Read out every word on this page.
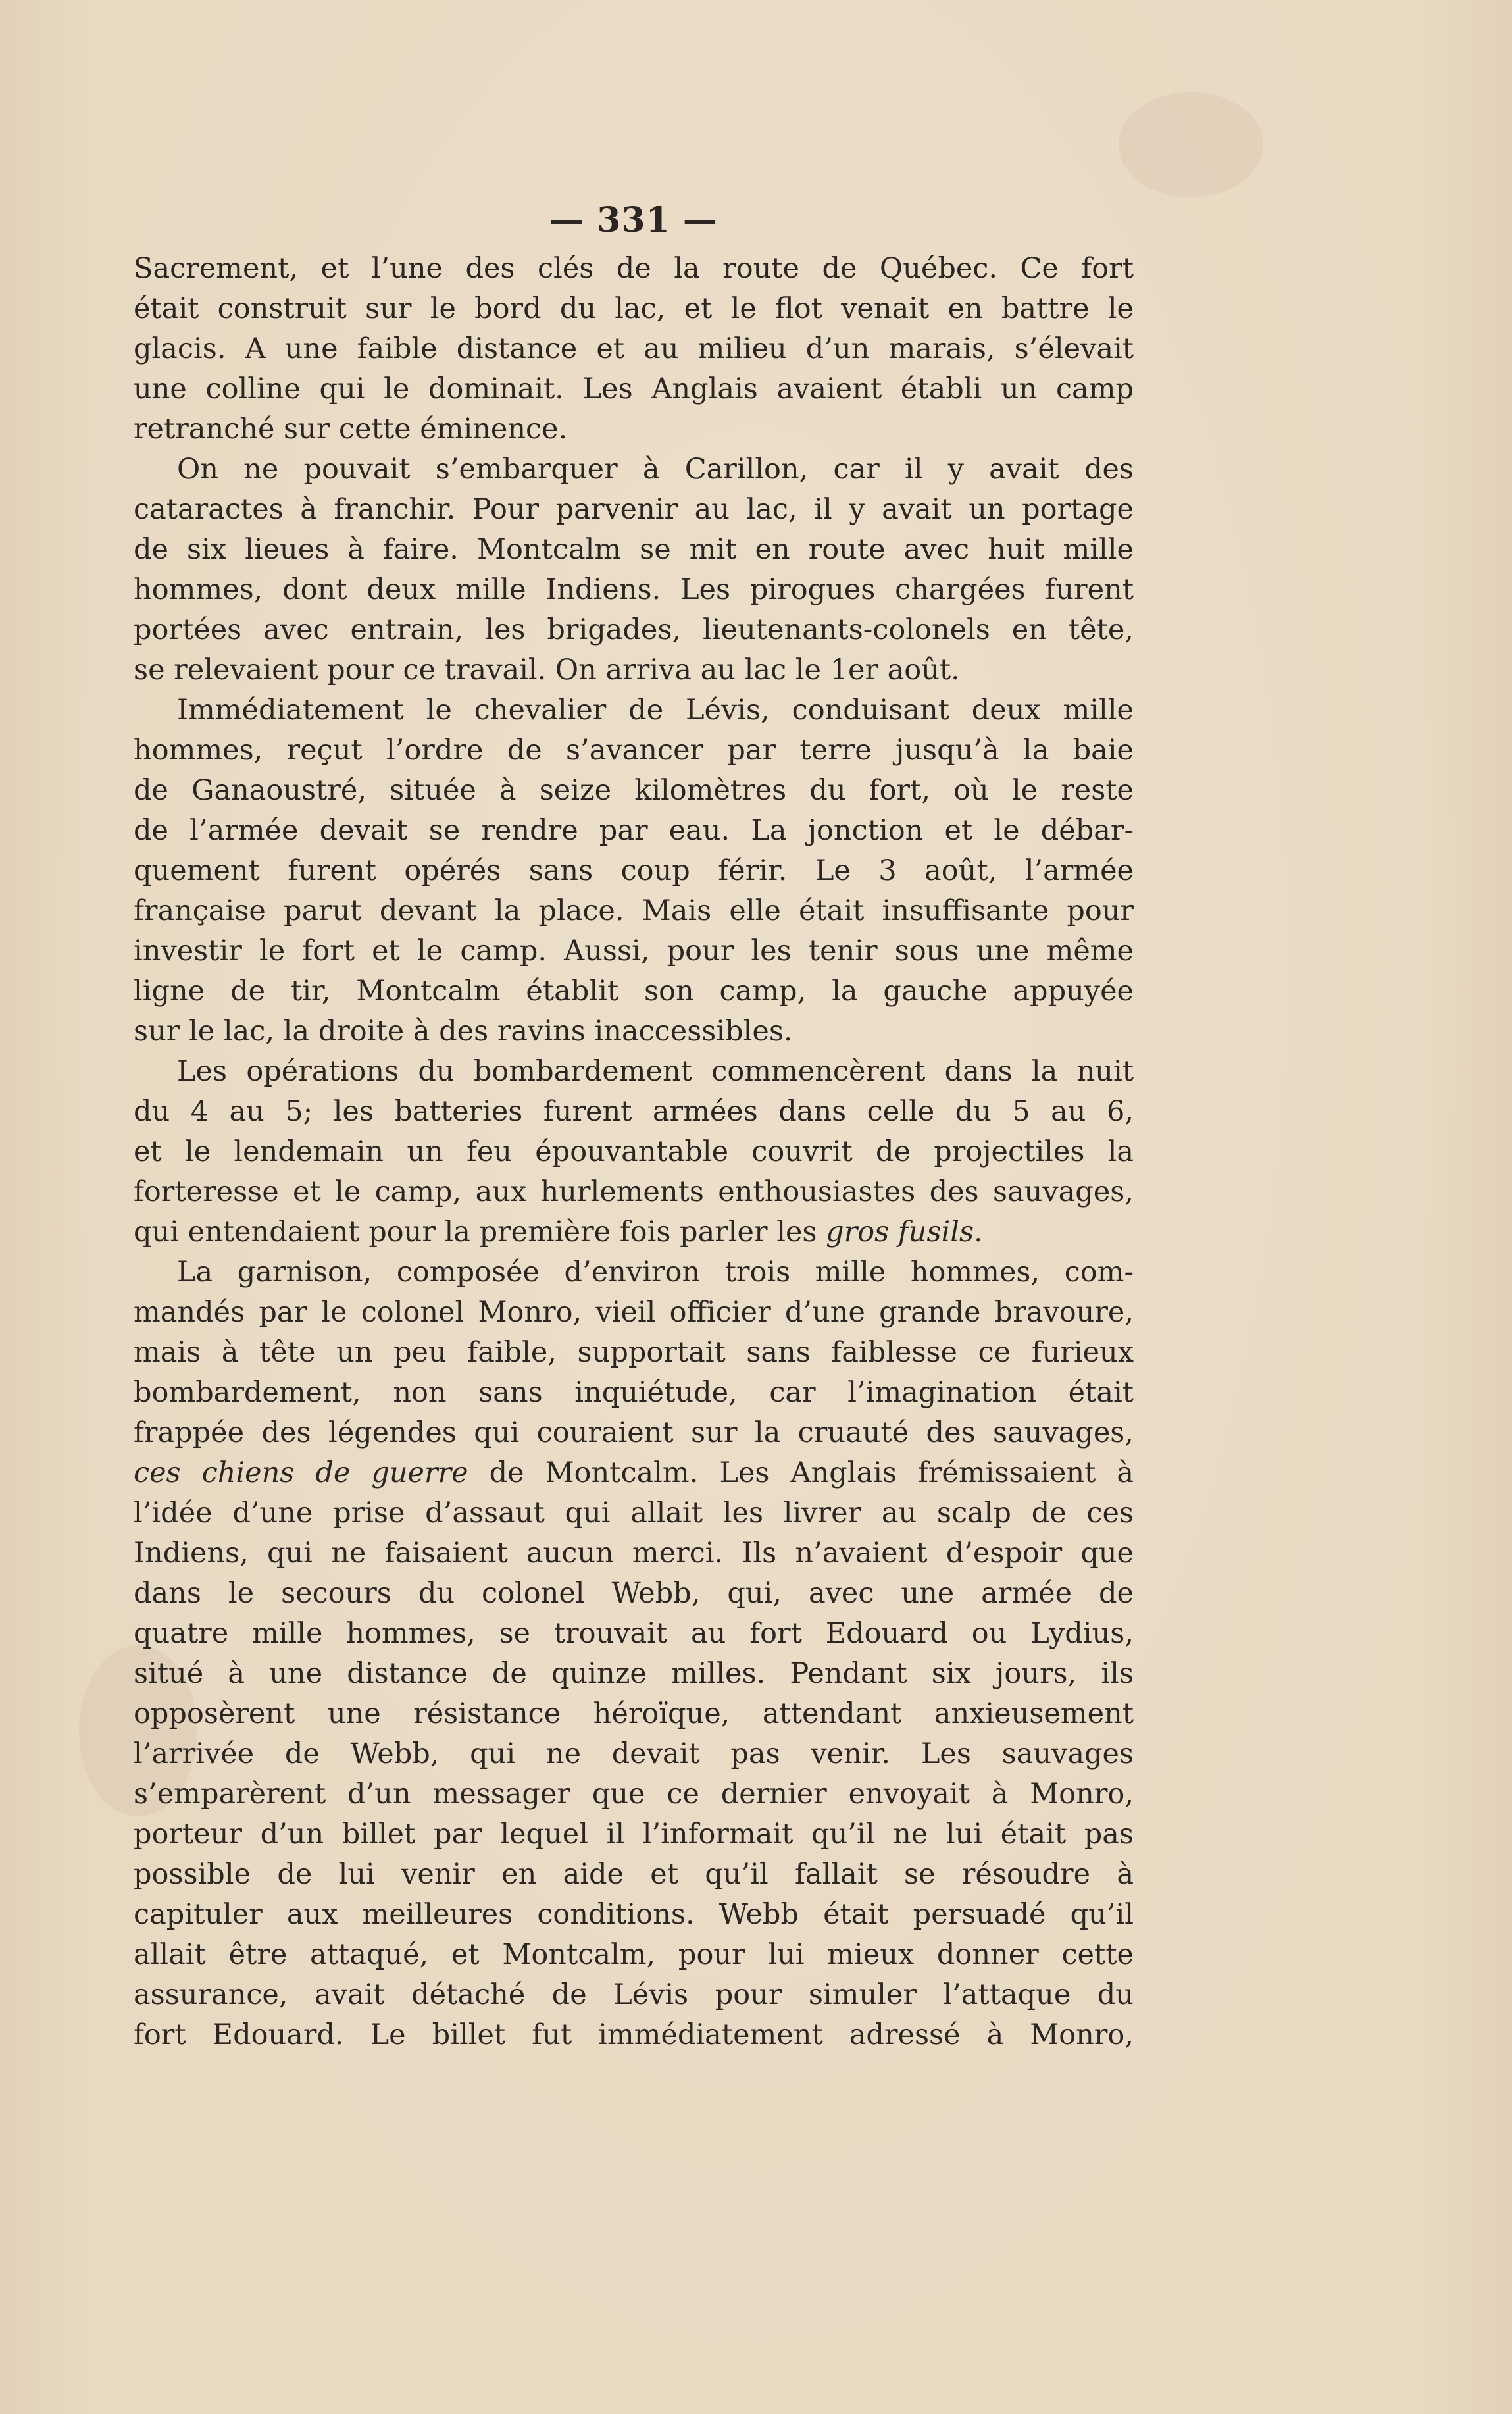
— 331 —
Sacrement, et l’une des clés de la route de Québec. Ce fort
était construit sur le bord du lac, et le flot venait en battre le
glacis. A une faible distance et au milieu d’un marais, s’élevait
une colline qui le dominait. Les Anglais avaient établi un camp
retranché sur cette éminence.
On ne pouvait s’embarquer à Carillon, car il y avait des
cataractes à franchir. Pour parvenir au lac, il y avait un portage
de six lieues à faire. Montcalm se mit en route avec huit mille
hommes, dont deux mille Indiens. Les pirogues chargées furent
portées avec entrain, les brigades, lieutenants-colonels en tête,
se relevaient pour ce travail. On arriva au lac le 1er août.
Immédiatement le chevalier de Lévis, conduisant deux mille
hommes, reçut l’ordre de s’avancer par terre jusqu’à la baie
de Ganaoustré, située à seize kilomètres du fort, où le reste
de l’armée devait se rendre par eau. La jonction et le débar-
quement furent opérés sans coup férir. Le 3 août, l’armée
française parut devant la place. Mais elle était insuffisante pour
investir le fort et le camp. Aussi, pour les tenir sous une même
ligne de tir, Montcalm établit son camp, la gauche appuyée
sur le lac, la droite à des ravins inaccessibles.
Les opérations du bombardement commencèrent dans la nuit
du 4 au 5; les batteries furent armées dans celle du 5 au 6,
et le lendemain un feu épouvantable couvrit de projectiles la
forteresse et le camp, aux hurlements enthousiastes des sauvages,
qui entendaient pour la première fois parler les gros fusils.
La garnison, composée d’environ trois mille hommes, com-
mandés par le colonel Monro, vieil officier d’une grande bravoure,
mais à tête un peu faible, supportait sans faiblesse ce furieux
bombardement, non sans inquiétude, car l’imagination était
frappée des légendes qui couraient sur la cruauté des sauvages,
ces chiens de guerre de Montcalm. Les Anglais frémissaient à
l’idée d’une prise d’assaut qui allait les livrer au scalp de ces
Indiens, qui ne faisaient aucun merci. Ils n’avaient d’espoir que
dans le secours du colonel Webb, qui, avec une armée de
quatre mille hommes, se trouvait au fort Edouard ou Lydius,
situé à une distance de quinze milles. Pendant six jours, ils
opposèrent une résistance héroïque, attendant anxieusement
l’arrivée de Webb, qui ne devait pas venir. Les sauvages
s’emparèrent d’un messager que ce dernier envoyait à Monro,
porteur d’un billet par lequel il l’informait qu’il ne lui était pas
possible de lui venir en aide et qu’il fallait se résoudre à
capituler aux meilleures conditions. Webb était persuadé qu’il
allait être attaqué, et Montcalm, pour lui mieux donner cette
assurance, avait détaché de Lévis pour simuler l’attaque du
fort Edouard. Le billet fut immédiatement adressé à Monro,
